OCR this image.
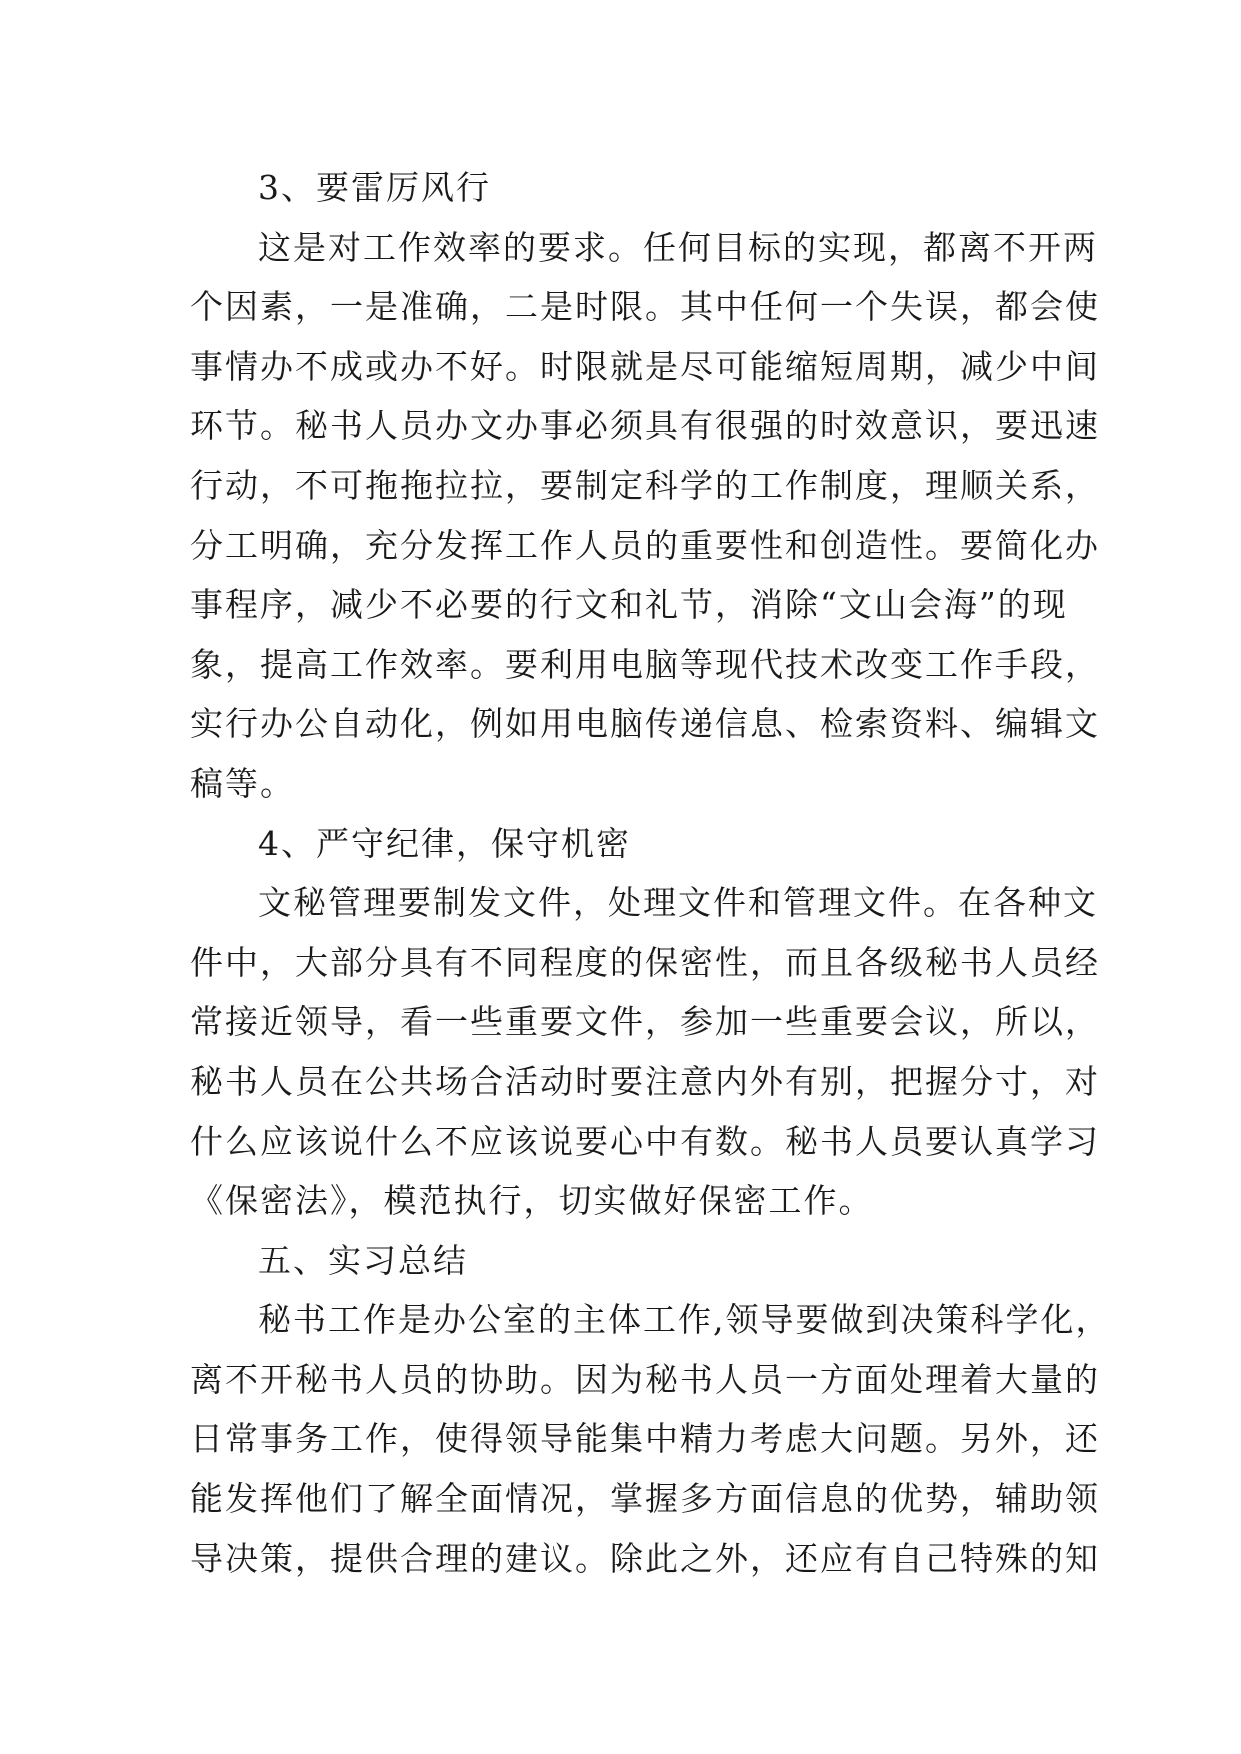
3、要雷厉风行
这是对工作效率的要求。任何目标的实现，都离不开两
个因素，一是准确，二是时限。其中任何一个失误，都会使
事情办不成或办不好。时限就是尽可能缩短周期，减少中间
环节。秘书人员办文办事必须具有很强的时效意识，要迅速
行动，不可拖拖拉拉，要制定科学的工作制度，理顺关系，
分工明确，充分发挥工作人员的重要性和创造性。要简化办
事程序，减少不必要的行文和礼节，消除“文山会海”的现
象，提高工作效率。要利用电脑等现代技术改变工作手段，
实行办公自动化，例如用电脑传递信息、检索资料、编辑文
稿等。
4、严守纪律，保守机密
文秘管理要制发文件，处理文件和管理文件。在各种文
件中，大部分具有不同程度的保密性，而且各级秘书人员经
常接近领导，看一些重要文件，参加一些重要会议，所以，
秘书人员在公共场合活动时要注意内外有别，把握分寸，对
什么应该说什么不应该说要心中有数。秘书人员要认真学习
《保密法》，模范执行，切实做好保密工作。
五、实习总结
秘书工作是办公室的主体工作,领导要做到决策科学化，
离不开秘书人员的协助。因为秘书人员一方面处理着大量的
日常事务工作，使得领导能集中精力考虑大问题。另外，还
能发挥他们了解全面情况，掌握多方面信息的优势，辅助领
导决策，提供合理的建议。除此之外，还应有自己特殊的知
